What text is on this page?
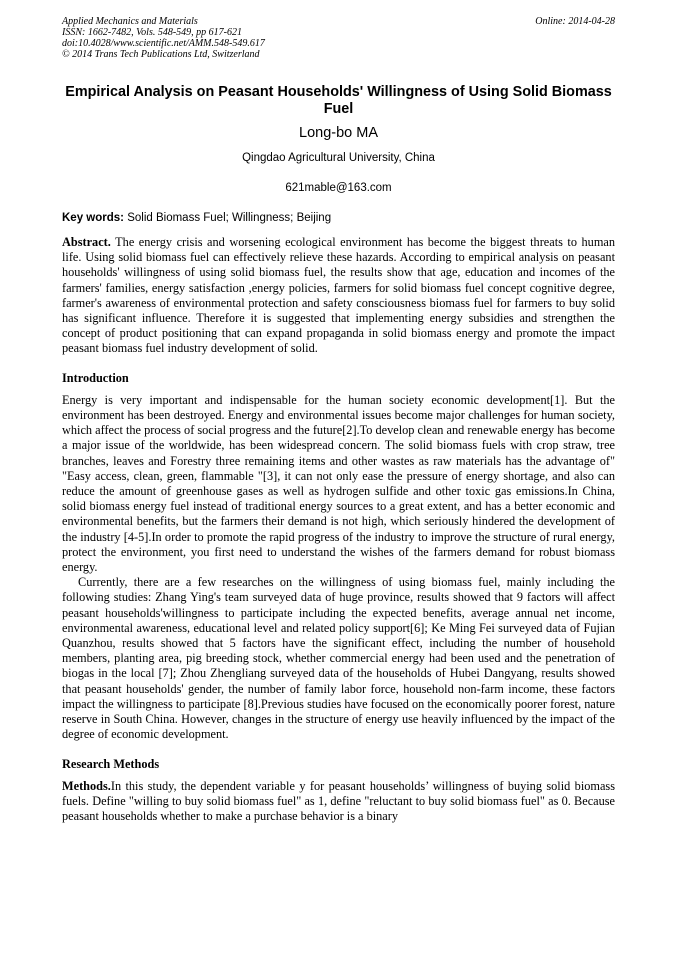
Applied Mechanics and Materials
ISSN: 1662-7482, Vols. 548-549, pp 617-621
doi:10.4028/www.scientific.net/AMM.548-549.617
© 2014 Trans Tech Publications Ltd, Switzerland
Online: 2014-04-28
Empirical Analysis on Peasant Households' Willingness of Using Solid Biomass Fuel
Long-bo MA
Qingdao Agricultural University, China
621mable@163.com
Key words: Solid Biomass Fuel; Willingness; Beijing

Abstract. The energy crisis and worsening ecological environment has become the biggest threats to human life. Using solid biomass fuel can effectively relieve these hazards. According to empirical analysis on peasant households' willingness of using solid biomass fuel, the results show that age, education and incomes of the farmers' families, energy satisfaction ,energy policies, farmers for solid biomass fuel concept cognitive degree, farmer's awareness of environmental protection and safety consciousness biomass fuel for farmers to buy solid has significant influence. Therefore it is suggested that implementing energy subsidies and strengthen the concept of product positioning that can expand propaganda in solid biomass energy and promote the impact peasant biomass fuel industry development of solid.

Introduction

Energy is very important and indispensable for the human society economic development[1]. But the environment has been destroyed. Energy and environmental issues become major challenges for human society, which affect the process of social progress and the future[2].To develop clean and renewable energy has become a major issue of the worldwide, has been widespread concern. The solid biomass fuels with crop straw, tree branches, leaves and Forestry three remaining items and other wastes as raw materials has the advantage of" "Easy access, clean, green, flammable "[3], it can not only ease the pressure of energy shortage, and also can reduce the amount of greenhouse gases as well as hydrogen sulfide and other toxic gas emissions.In China, solid biomass energy fuel instead of traditional energy sources to a great extent, and has a better economic and environmental benefits, but the farmers their demand is not high, which seriously hindered the development of the industry [4-5].In order to promote the rapid progress of the industry to improve the structure of rural energy, protect the environment, you first need to understand the wishes of the farmers demand for robust biomass energy.

Currently, there are a few researches on the willingness of using biomass fuel, mainly including the following studies: Zhang Ying's team surveyed data of huge province, results showed that 9 factors will affect peasant households'willingness to participate including the expected benefits, average annual net income, environmental awareness, educational level and related policy support[6]; Ke Ming Fei surveyed data of Fujian Quanzhou, results showed that 5 factors have the significant effect, including the number of household members, planting area, pig breeding stock, whether commercial energy had been used and the penetration of biogas in the local [7]; Zhou Zhengliang surveyed data of the households of Hubei Dangyang, results showed that peasant households' gender, the number of family labor force, household non-farm income, these factors impact the willingness to participate [8].Previous studies have focused on the economically poorer forest, nature reserve in South China. However, changes in the structure of energy use heavily influenced by the impact of the degree of economic development.

Research Methods

Methods.In this study, the dependent variable y for peasant households’ willingness of buying solid biomass fuels. Define "willing to buy solid biomass fuel" as 1, define "reluctant to buy solid biomass fuel" as 0. Because peasant households whether to make a purchase behavior is a binary
